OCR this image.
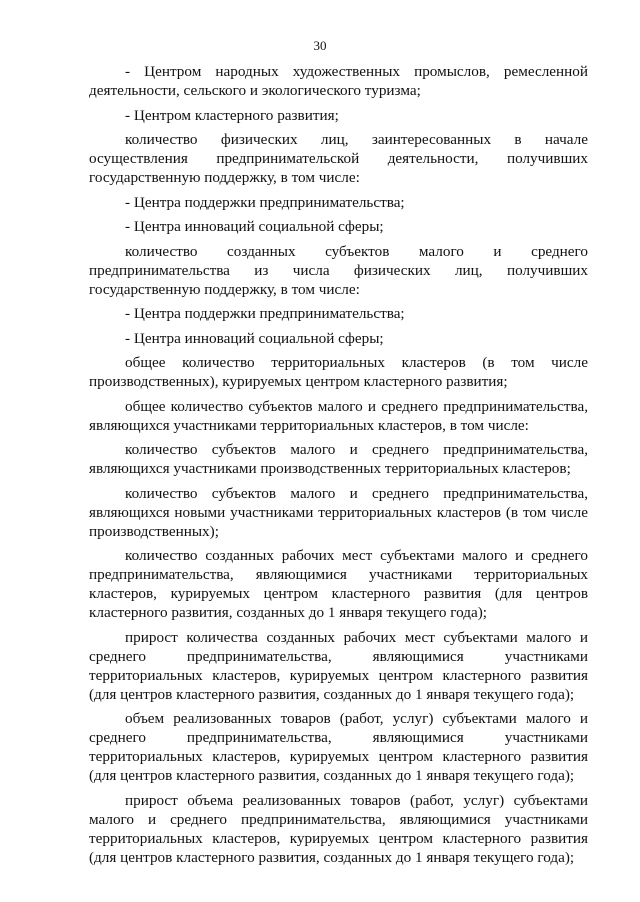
30

- Центром народных художественных промыслов, ремесленной деятельности, сельского и экологического туризма;

- Центром кластерного развития;

количество физических лиц, заинтересованных в начале осуществления предпринимательской деятельности, получивших государственную поддержку, в том числе:

- Центра поддержки предпринимательства;

- Центра инноваций социальной сферы;

количество созданных субъектов малого и среднего предпринимательства из числа физических лиц, получивших государственную поддержку, в том числе:

- Центра поддержки предпринимательства;

- Центра инноваций социальной сферы;

общее количество территориальных кластеров (в том числе производственных), курируемых центром кластерного развития;

общее количество субъектов малого и среднего предпринимательства, являющихся участниками территориальных кластеров, в том числе:

количество субъектов малого и среднего предпринимательства, являющихся участниками производственных территориальных кластеров;

количество субъектов малого и среднего предпринимательства, являющихся новыми участниками территориальных кластеров (в том числе производственных);

количество созданных рабочих мест субъектами малого и среднего предпринимательства, являющимися участниками территориальных кластеров, курируемых центром кластерного развития (для центров кластерного развития, созданных до 1 января текущего года);

прирост количества созданных рабочих мест субъектами малого и среднего предпринимательства, являющимися участниками территориальных кластеров, курируемых центром кластерного развития (для центров кластерного развития, созданных до 1 января текущего года);

объем реализованных товаров (работ, услуг) субъектами малого и среднего предпринимательства, являющимися участниками территориальных кластеров, курируемых центром кластерного развития (для центров кластерного развития, созданных до 1 января текущего года);

прирост объема реализованных товаров (работ, услуг) субъектами малого и среднего предпринимательства, являющимися участниками территориальных кластеров, курируемых центром кластерного развития (для центров кластерного развития, созданных до 1 января текущего года);
